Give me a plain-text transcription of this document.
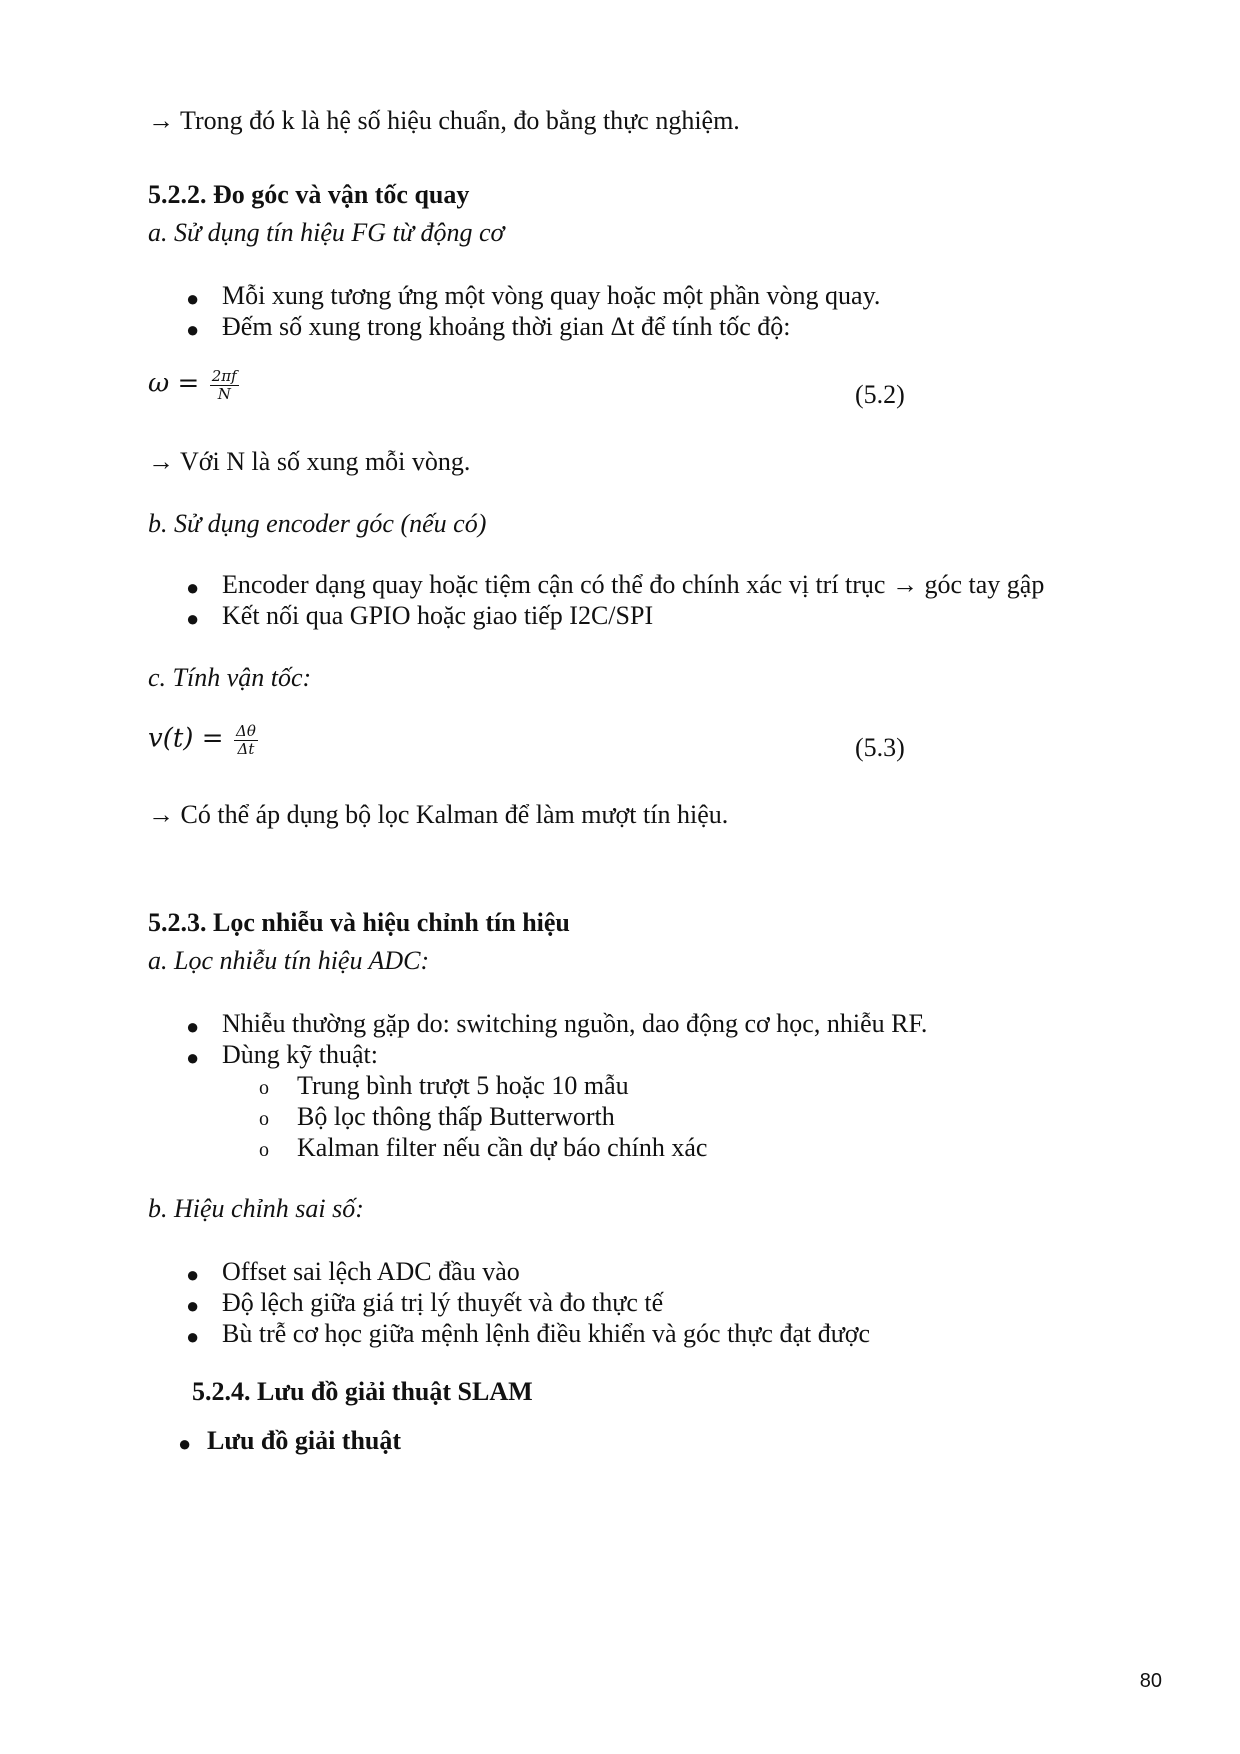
→ Trong đó k là hệ số hiệu chuẩn, đo bằng thực nghiệm.
5.2.2. Đo góc và vận tốc quay
a. Sử dụng tín hiệu FG từ động cơ
● Mỗi xung tương ứng một vòng quay hoặc một phần vòng quay.
● Đếm số xung trong khoảng thời gian Δt để tính tốc độ:
$\omega = \frac{2\pi f}{N}$	(5.2)
→ Với N là số xung mỗi vòng.
b. Sử dụng encoder góc (nếu có)
● Encoder dạng quay hoặc tiệm cận có thể đo chính xác vị trí trục → góc tay gập
● Kết nối qua GPIO hoặc giao tiếp I2C/SPI
c. Tính vận tốc:
$v(t) = \frac{\Delta\theta}{\Delta t}$	(5.3)
→ Có thể áp dụng bộ lọc Kalman để làm mượt tín hiệu.
5.2.3. Lọc nhiễu và hiệu chỉnh tín hiệu
a. Lọc nhiễu tín hiệu ADC:
● Nhiễu thường gặp do: switching nguồn, dao động cơ học, nhiễu RF.
● Dùng kỹ thuật:
o Trung bình trượt 5 hoặc 10 mẫu
o Bộ lọc thông thấp Butterworth
o Kalman filter nếu cần dự báo chính xác
b. Hiệu chỉnh sai số:
● Offset sai lệch ADC đầu vào
● Độ lệch giữa giá trị lý thuyết và đo thực tế
● Bù trễ cơ học giữa mệnh lệnh điều khiển và góc thực đạt được
5.2.4. Lưu đồ giải thuật SLAM
● Lưu đồ giải thuật
80
